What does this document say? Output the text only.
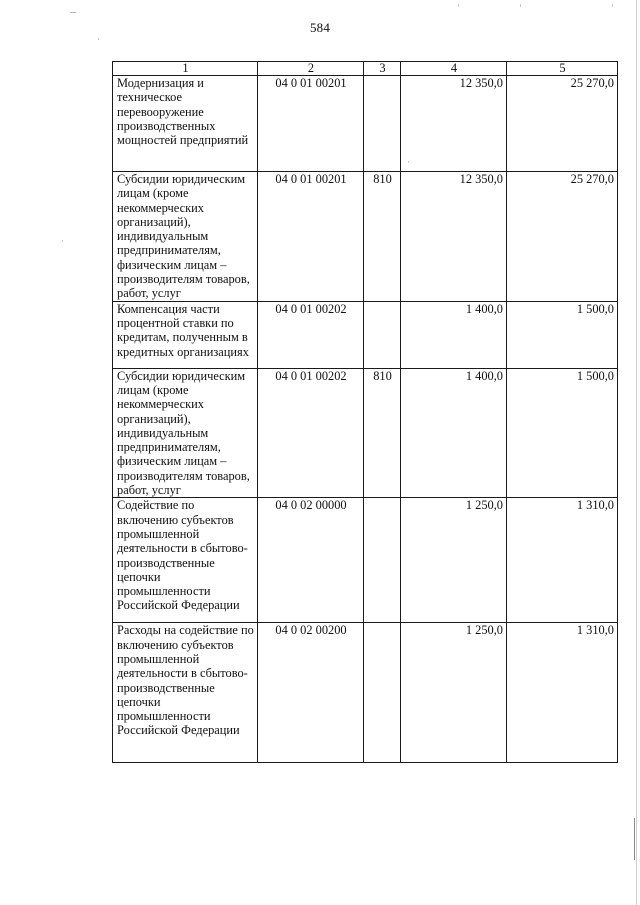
584
1	2	3	4	5
Модернизация и техническое перевооружение производственных мощностей предприятий	04 0 01 00201		12 350,0	25 270,0
Субсидии юридическим лицам (кроме некоммерческих организаций), индивидуальным предпринимателям, физическим лицам – производителям товаров, работ, услуг	04 0 01 00201	810	12 350,0	25 270,0
Компенсация части процентной ставки по кредитам, полученным в кредитных организациях	04 0 01 00202		1 400,0	1 500,0
Субсидии юридическим лицам (кроме некоммерческих организаций), индивидуальным предпринимателям, физическим лицам – производителям товаров, работ, услуг	04 0 01 00202	810	1 400,0	1 500,0
Содействие по включению субъектов промышленной деятельности в сбытово-производственные цепочки промышленности Российской Федерации	04 0 02 00000		1 250,0	1 310,0
Расходы на содействие по включению субъектов промышленной деятельности в сбытово-производственные цепочки промышленности Российской Федерации	04 0 02 00200		1 250,0	1 310,0
